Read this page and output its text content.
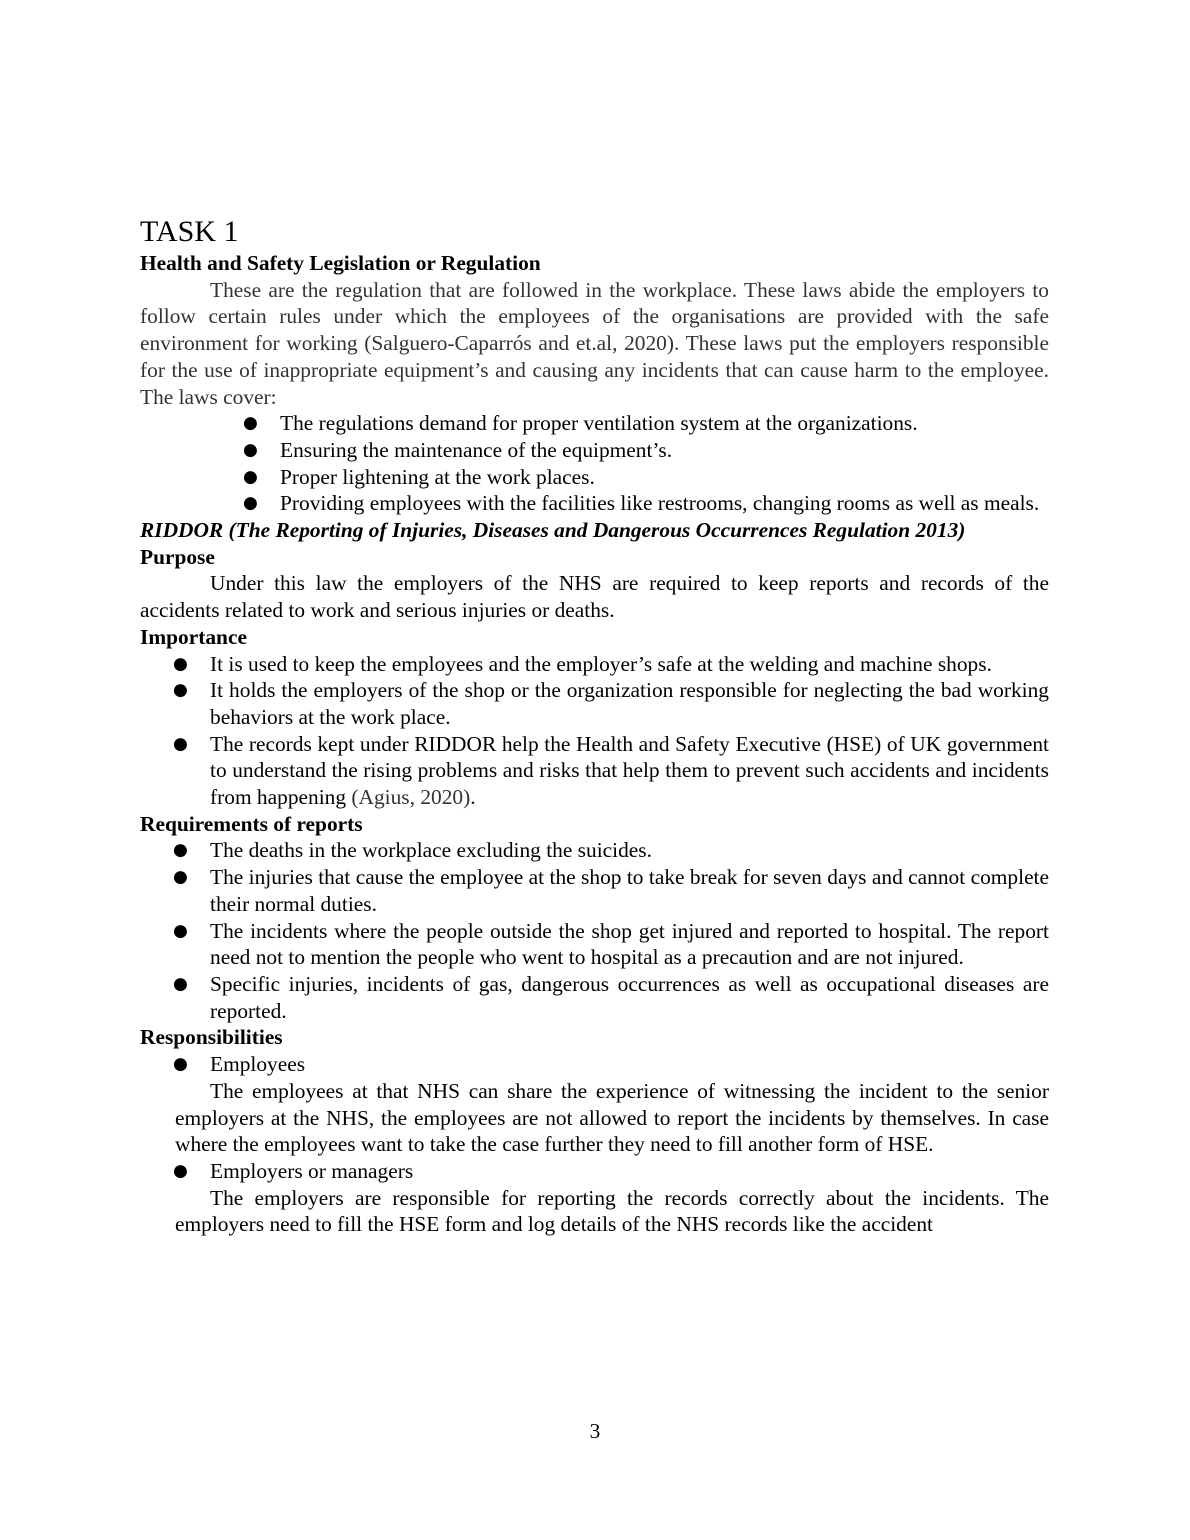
TASK 1

Health and Safety Legislation or Regulation

These are the regulation that are followed in the workplace. These laws abide the employers to follow certain rules under which the employees of the organisations are provided with the safe environment for working (Salguero-Caparrós and et.al, 2020). These laws put the employers responsible for the use of inappropriate equipment’s and causing any incidents that can cause harm to the employee. The laws cover:

● The regulations demand for proper ventilation system at the organizations.
● Ensuring the maintenance of the equipment’s.
● Proper lightening at the work places.
● Providing employees with the facilities like restrooms, changing rooms as well as meals.

RIDDOR (The Reporting of Injuries, Diseases and Dangerous Occurrences Regulation 2013)

Purpose

Under this law the employers of the NHS are required to keep reports and records of the accidents related to work and serious injuries or deaths.

Importance

● It is used to keep the employees and the employer’s safe at the welding and machine shops.
● It holds the employers of the shop or the organization responsible for neglecting the bad working behaviors at the work place.
● The records kept under RIDDOR help the Health and Safety Executive (HSE) of UK government to understand the rising problems and risks that help them to prevent such accidents and incidents from happening (Agius, 2020).

Requirements of reports

● The deaths in the workplace excluding the suicides.
● The injuries that cause the employee at the shop to take break for seven days and cannot complete their normal duties.
● The incidents where the people outside the shop get injured and reported to hospital. The report need not to mention the people who went to hospital as a precaution and are not injured.
● Specific injuries, incidents of gas, dangerous occurrences as well as occupational diseases are reported.

Responsibilities

● Employees

The employees at that NHS can share the experience of witnessing the incident to the senior employers at the NHS, the employees are not allowed to report the incidents by themselves. In case where the employees want to take the case further they need to fill another form of HSE.

● Employers or managers

The employers are responsible for reporting the records correctly about the incidents. The employers need to fill the HSE form and log details of the NHS records like the accident

3
